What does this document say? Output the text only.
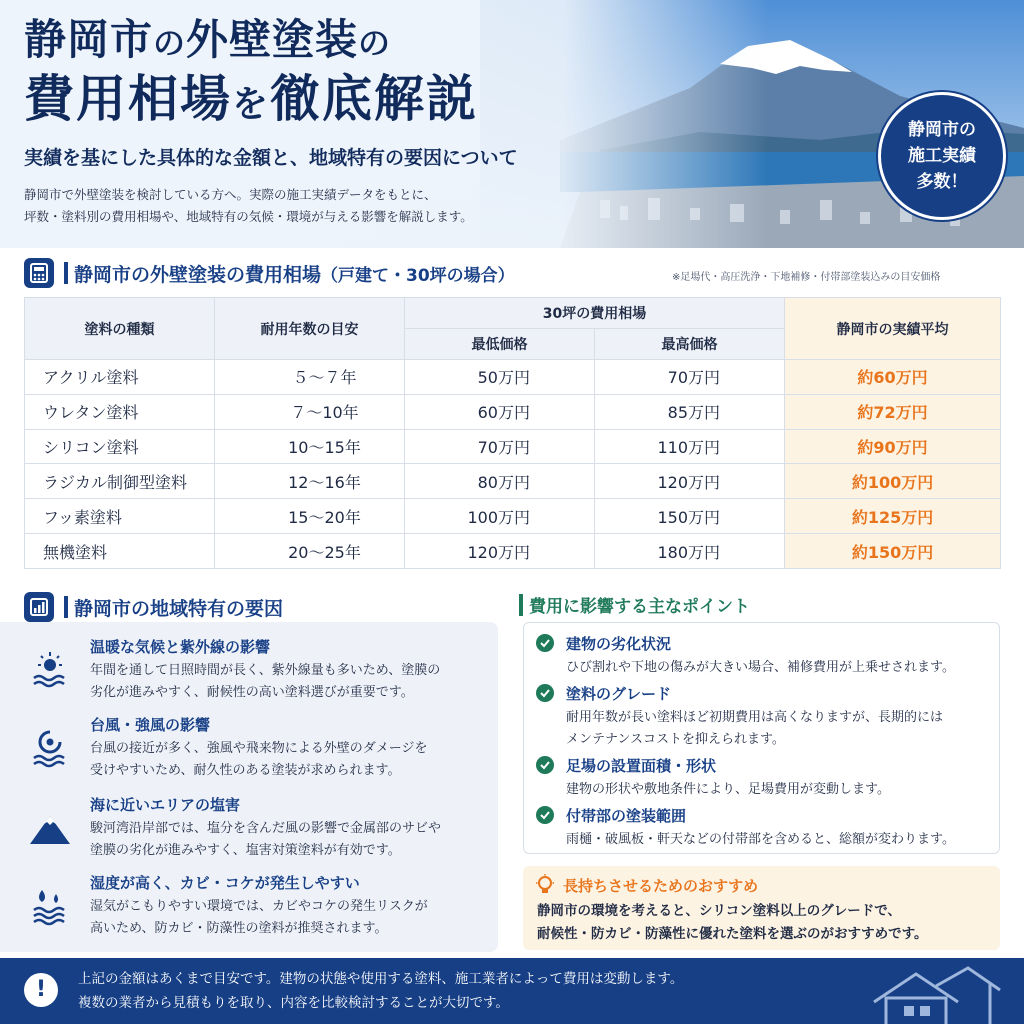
静岡市の外壁塗装の
費用相場を徹底解説
実績を基にした具体的な金額と、地域特有の要因について
静岡市で外壁塗装を検討している方へ。実際の施工実績データをもとに、
坪数・塗料別の費用相場や、地域特有の気候・環境が与える影響を解説します。
静岡市の
施工実績
多数！
静岡市の外壁塗装の費用相場（戸建て・30坪の場合）	※足場代・高圧洗浄・下地補修・付帯部塗装込みの目安価格
塗料の種類	耐用年数の目安	30坪の費用相場		静岡市の実績平均
		最低価格	最高価格	
アクリル塗料	５～７年	50万円	70万円	約60万円
ウレタン塗料	７～10年	60万円	85万円	約72万円
シリコン塗料	10～15年	70万円	110万円	約90万円
ラジカル制御型塗料	12～16年	80万円	120万円	約100万円
フッ素塗料	15～20年	100万円	150万円	約125万円
無機塗料	20～25年	120万円	180万円	約150万円
静岡市の地域特有の要因
温暖な気候と紫外線の影響
年間を通して日照時間が長く、紫外線量も多いため、塗膜の
劣化が進みやすく、耐候性の高い塗料選びが重要です。
台風・強風の影響
台風の接近が多く、強風や飛来物による外壁のダメージを
受けやすいため、耐久性のある塗装が求められます。
海に近いエリアの塩害
駿河湾沿岸部では、塩分を含んだ風の影響で金属部のサビや
塗膜の劣化が進みやすく、塩害対策塗料が有効です。
湿度が高く、カビ・コケが発生しやすい
湿気がこもりやすい環境では、カビやコケの発生リスクが
高いため、防カビ・防藻性の塗料が推奨されます。
費用に影響する主なポイント
建物の劣化状況
ひび割れや下地の傷みが大きい場合、補修費用が上乗せされます。
塗料のグレード
耐用年数が長い塗料ほど初期費用は高くなりますが、長期的には
メンテナンスコストを抑えられます。
足場の設置面積・形状
建物の形状や敷地条件により、足場費用が変動します。
付帯部の塗装範囲
雨樋・破風板・軒天などの付帯部を含めると、総額が変わります。
長持ちさせるためのおすすめ
静岡市の環境を考えると、シリコン塗料以上のグレードで、
耐候性・防カビ・防藻性に優れた塗料を選ぶのがおすすめです。
!	上記の金額はあくまで目安です。建物の状態や使用する塗料、施工業者によって費用は変動します。
複数の業者から見積もりを取り、内容を比較検討することが大切です。
